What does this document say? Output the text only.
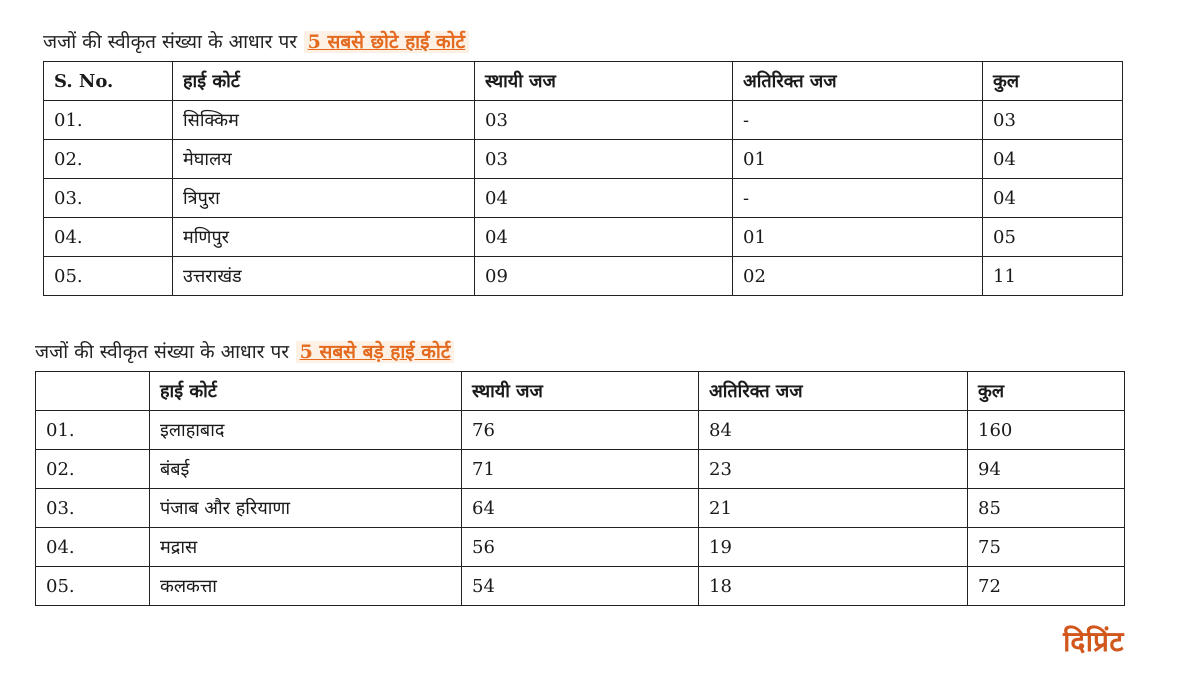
जजों की स्वीकृत संख्या के आधार पर 5 सबसे छोटे हाई कोर्ट
S. No.	हाई कोर्ट	स्थायी जज	अतिरिक्त जज	कुल
01.	सिक्किम	03	-	03
02.	मेघालय	03	01	04
03.	त्रिपुरा	04	-	04
04.	मणिपुर	04	01	05
05.	उत्तराखंड	09	02	11
जजों की स्वीकृत संख्या के आधार पर 5 सबसे बड़े हाई कोर्ट
	हाई कोर्ट	स्थायी जज	अतिरिक्त जज	कुल
01.	इलाहाबाद	76	84	160
02.	बंबई	71	23	94
03.	पंजाब और हरियाणा	64	21	85
04.	मद्रास	56	19	75
05.	कलकत्ता	54	18	72
दिप्रिंट
